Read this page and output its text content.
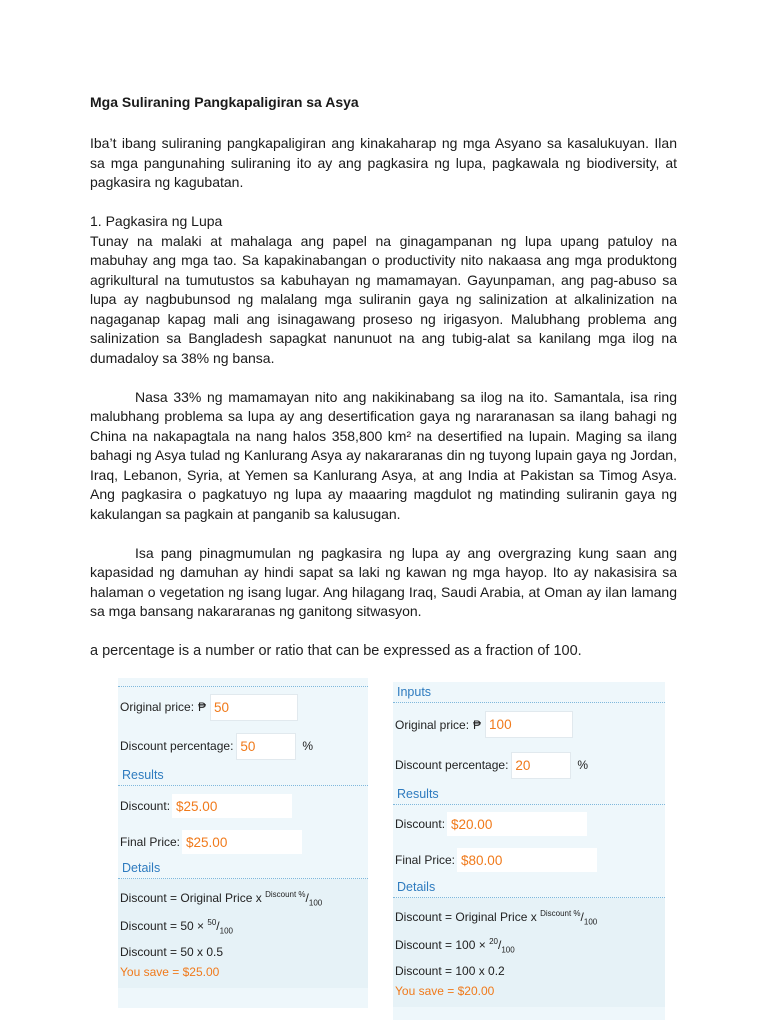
Mga Suliraning Pangkapaligiran sa Asya

Iba’t ibang suliraning pangkapaligiran ang kinakaharap ng mga Asyano sa kasalukuyan. Ilan sa mga pangunahing suliraning ito ay ang pagkasira ng lupa, pagkawala ng biodiversity, at pagkasira ng kagubatan.

1. Pagkasira ng Lupa

Tunay na malaki at mahalaga ang papel na ginagampanan ng lupa upang patuloy na mabuhay ang mga tao. Sa kapakinabangan o productivity nito nakaasa ang mga produktong agrikultural na tumutustos sa kabuhayan ng mamamayan. Gayunpaman, ang pag-abuso sa lupa ay nagbubunsod ng malalang mga suliranin gaya ng salinization at alkalinization na nagaganap kapag mali ang isinagawang proseso ng irigasyon. Malubhang problema ang salinization sa Bangladesh sapagkat nanunuot na ang tubig-alat sa kanilang mga ilog na dumadaloy sa 38% ng bansa.

Nasa 33% ng mamamayan nito ang nakikinabang sa ilog na ito. Samantala, isa ring malubhang problema sa lupa ay ang desertification gaya ng nararanasan sa ilang bahagi ng China na nakapagtala na nang halos 358,800 km² na desertified na lupain. Maging sa ilang bahagi ng Asya tulad ng Kanlurang Asya ay nakararanas din ng tuyong lupain gaya ng Jordan, Iraq, Lebanon, Syria, at Yemen sa Kanlurang Asya, at ang India at Pakistan sa Timog Asya. Ang pagkasira o pagkatuyo ng lupa ay maaaring magdulot ng matinding suliranin gaya ng kakulangan sa pagkain at panganib sa kalusugan.

Isa pang pinagmumulan ng pagkasira ng lupa ay ang overgrazing kung saan ang kapasidad ng damuhan ay hindi sapat sa laki ng kawan ng mga hayop. Ito ay nakasisira sa halaman o vegetation ng isang lugar. Ang hilagang Iraq, Saudi Arabia, at Oman ay ilan lamang sa mga bansang nakararanas ng ganitong sitwasyon.

a percentage is a number or ratio that can be expressed as a fraction of 100.
Original price: ₱ 50
Discount percentage: 50	%
Results
Discount: $25.00
Final Price: $25.00
Details
Discount = Original Price x $^{Discount \%}/_{100}$
Discount = $50 \times ^{50}/_{100}$
Discount = 50 x 0.5
You save = $25.00
Inputs
Original price: ₱ 100
Discount percentage: 20	%
Results
Discount: $20.00
Final Price: $80.00
Details
Discount = Original Price x $^{Discount \%}/_{100}$
Discount = $100 \times ^{20}/_{100}$
Discount = 100 x 0.2
You save = $20.00
